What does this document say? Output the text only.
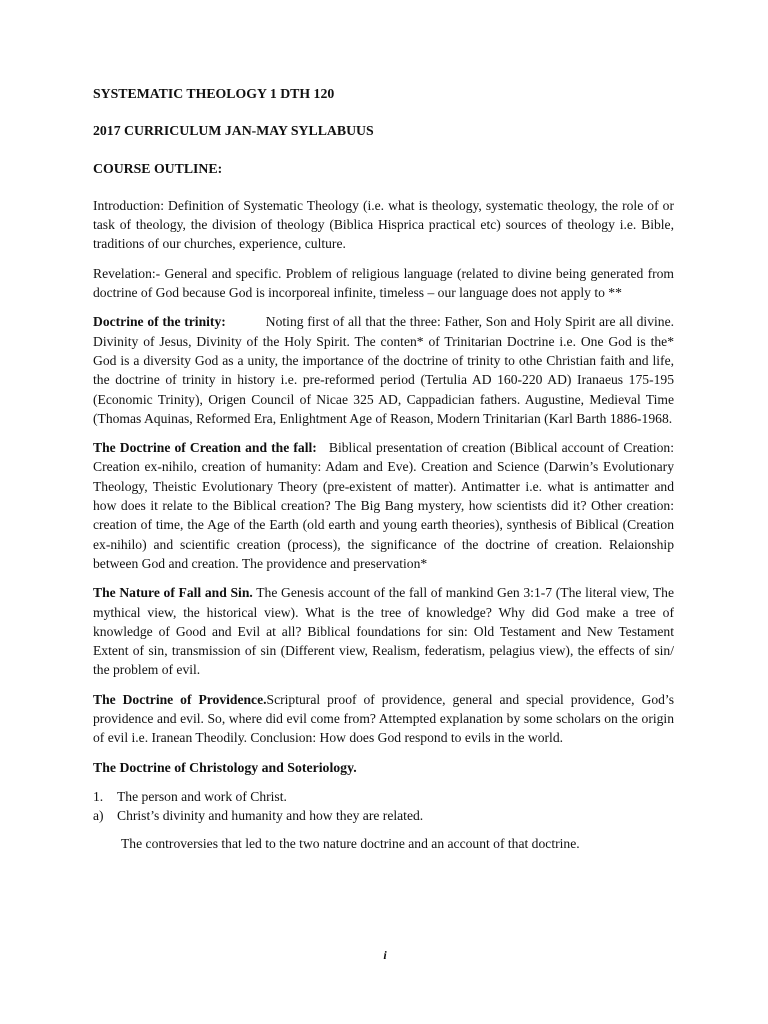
SYSTEMATIC THEOLOGY 1 DTH 120

2017 CURRICULUM JAN-MAY SYLLABUUS

COURSE OUTLINE:

Introduction: Definition of Systematic Theology (i.e. what is theology, systematic theology, the role of or task of theology, the division of theology (Biblica Hisprica practical etc) sources of theology i.e. Bible, traditions of our churches, experience, culture.

Revelation:- General and specific. Problem of religious language (related to divine being generated from doctrine of God because God is incorporeal infinite, timeless – our language does not apply to **

Doctrine of the trinity:	Noting first of all that the three: Father, Son and Holy Spirit are all divine. Divinity of Jesus, Divinity of the Holy Spirit. The conten* of Trinitarian Doctrine i.e. One God is the* God is a diversity God as a unity, the importance of the doctrine of trinity to othe Christian faith and life, the doctrine of trinity in history i.e. pre-reformed period (Tertulia AD 160-220 AD) Iranaeus 175-195 (Economic Trinity), Origen Council of Nicae 325 AD, Cappadician fathers. Augustine, Medieval Time (Thomas Aquinas, Reformed Era, Enlightment Age of Reason, Modern Trinitarian (Karl Barth 1886-1968.

The Doctrine of Creation and the fall: Biblical presentation of creation (Biblical account of Creation: Creation ex-nihilo, creation of humanity: Adam and Eve). Creation and Science (Darwin’s Evolutionary Theology, Theistic Evolutionary Theory (pre-existent of matter). Antimatter i.e. what is antimatter and how does it relate to the Biblical creation? The Big Bang mystery, how scientists did it? Other creation: creation of time, the Age of the Earth (old earth and young earth theories), synthesis of Biblical (Creation ex-nihilo) and scientific creation (process), the significance of the doctrine of creation. Relaionship between God and creation. The providence and preservation*

The Nature of Fall and Sin. The Genesis account of the fall of mankind Gen 3:1-7 (The literal view, The mythical view, the historical view). What is the tree of knowledge? Why did God make a tree of knowledge of Good and Evil at all? Biblical foundations for sin: Old Testament and New Testament Extent of sin, transmission of sin (Different view, Realism, federatism, pelagius view), the effects of sin/ the problem of evil.

The Doctrine of Providence.Scriptural proof of providence, general and special providence, God’s providence and evil. So, where did evil come from? Attempted explanation by some scholars on the origin of evil i.e. Iranean Theodily. Conclusion: How does God respond to evils in the world.

The Doctrine of Christology and Soteriology.

1.	The person and work of Christ.
a) Christ’s divinity and humanity and how they are related.

The controversies that led to the two nature doctrine and an account of that doctrine.

i
